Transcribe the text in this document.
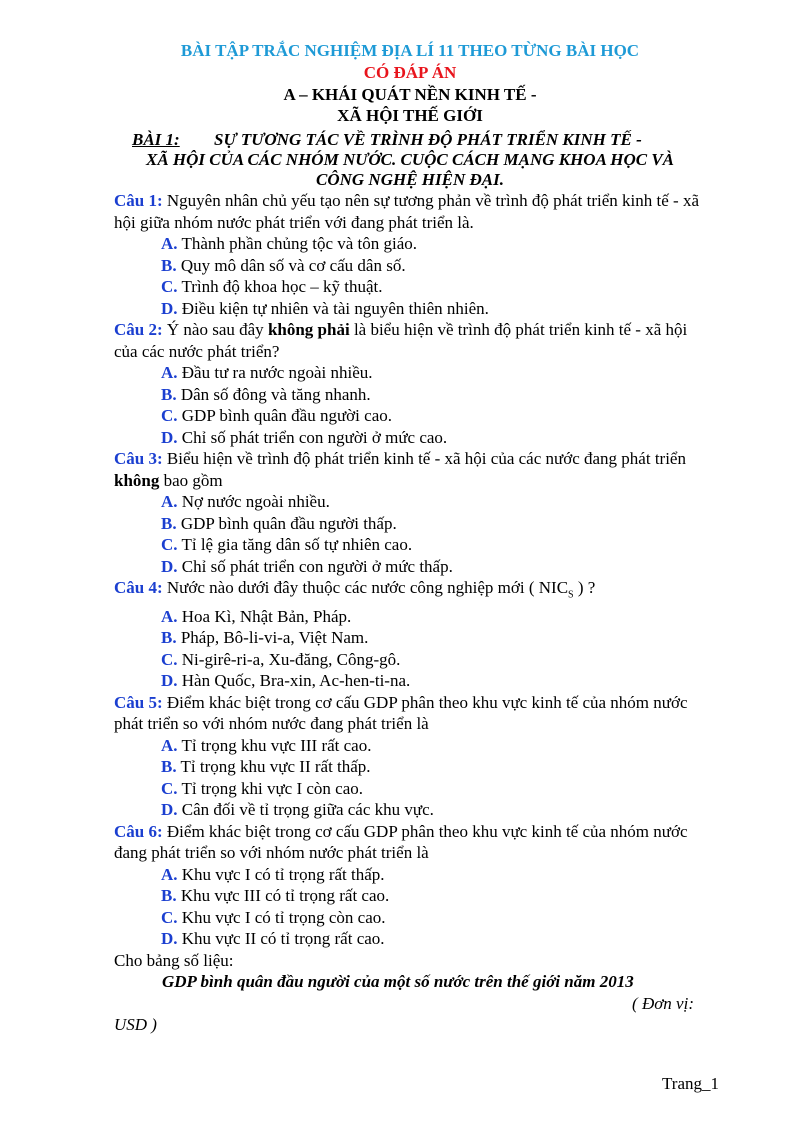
BÀI TẬP TRẮC NGHIỆM ĐỊA LÍ 11 THEO TỪNG BÀI HỌC
CÓ ĐÁP ÁN
A – KHÁI QUÁT NỀN KINH TẾ -
XÃ HỘI THẾ GIỚI
BÀI 1:	SỰ TƯƠNG TÁC VỀ TRÌNH ĐỘ PHÁT TRIỂN KINH TẾ -
XÃ HỘI CỦA CÁC NHÓM NƯỚC. CUỘC CÁCH MẠNG KHOA HỌC VÀ
CÔNG NGHỆ HIỆN ĐẠI.

Câu 1: Nguyên nhân chủ yếu tạo nên sự tương phản về trình độ phát triển kinh tế - xã hội giữa nhóm nước phát triển với đang phát triển là.

A. Thành phần chủng tộc và tôn giáo.

B. Quy mô dân số và cơ cấu dân số.

C. Trình độ khoa học – kỹ thuật.

D. Điều kiện tự nhiên và tài nguyên thiên nhiên.

Câu 2: Ý nào sau đây không phải là biểu hiện về trình độ phát triển kinh tế - xã hội của các nước phát triển?

A. Đầu tư ra nước ngoài nhiều.

B. Dân số đông và tăng nhanh.

C. GDP bình quân đầu người cao.

D. Chỉ số phát triển con người ở mức cao.

Câu 3: Biểu hiện về trình độ phát triển kinh tế - xã hội của các nước đang phát triển không bao gồm

A. Nợ nước ngoài nhiều.

B. GDP bình quân đầu người thấp.

C. Tỉ lệ gia tăng dân số tự nhiên cao.

D. Chỉ số phát triển con người ở mức thấp.

Câu 4: Nước nào dưới đây thuộc các nước công nghiệp mới ( $NIC_S$ ) ?

A. Hoa Kì, Nhật Bản, Pháp.

B. Pháp, Bô-li-vi-a, Việt Nam.

C. Ni-girê-ri-a, Xu-đăng, Công-gô.

D. Hàn Quốc, Bra-xin, Ac-hen-ti-na.

Câu 5: Điểm khác biệt trong cơ cấu GDP phân theo khu vực kinh tế của nhóm nước phát triển so với nhóm nước đang phát triển là

A. Tỉ trọng khu vực III rất cao.

B. Tỉ trọng khu vực II rất thấp.

C. Tỉ trọng khi vực I còn cao.

D. Cân đối về tỉ trọng giữa các khu vực.

Câu 6: Điểm khác biệt trong cơ cấu GDP phân theo khu vực kinh tế của nhóm nước đang phát triển so với nhóm nước phát triển là

A. Khu vực I có tỉ trọng rất thấp.

B. Khu vực III có tỉ trọng rất cao.

C. Khu vực I có tỉ trọng còn cao.

D. Khu vực II có tỉ trọng rất cao.

Cho bảng số liệu:

GDP bình quân đầu người của một số nước trên thế giới năm 2013

( Đơn vị:

USD )

Trang_1
